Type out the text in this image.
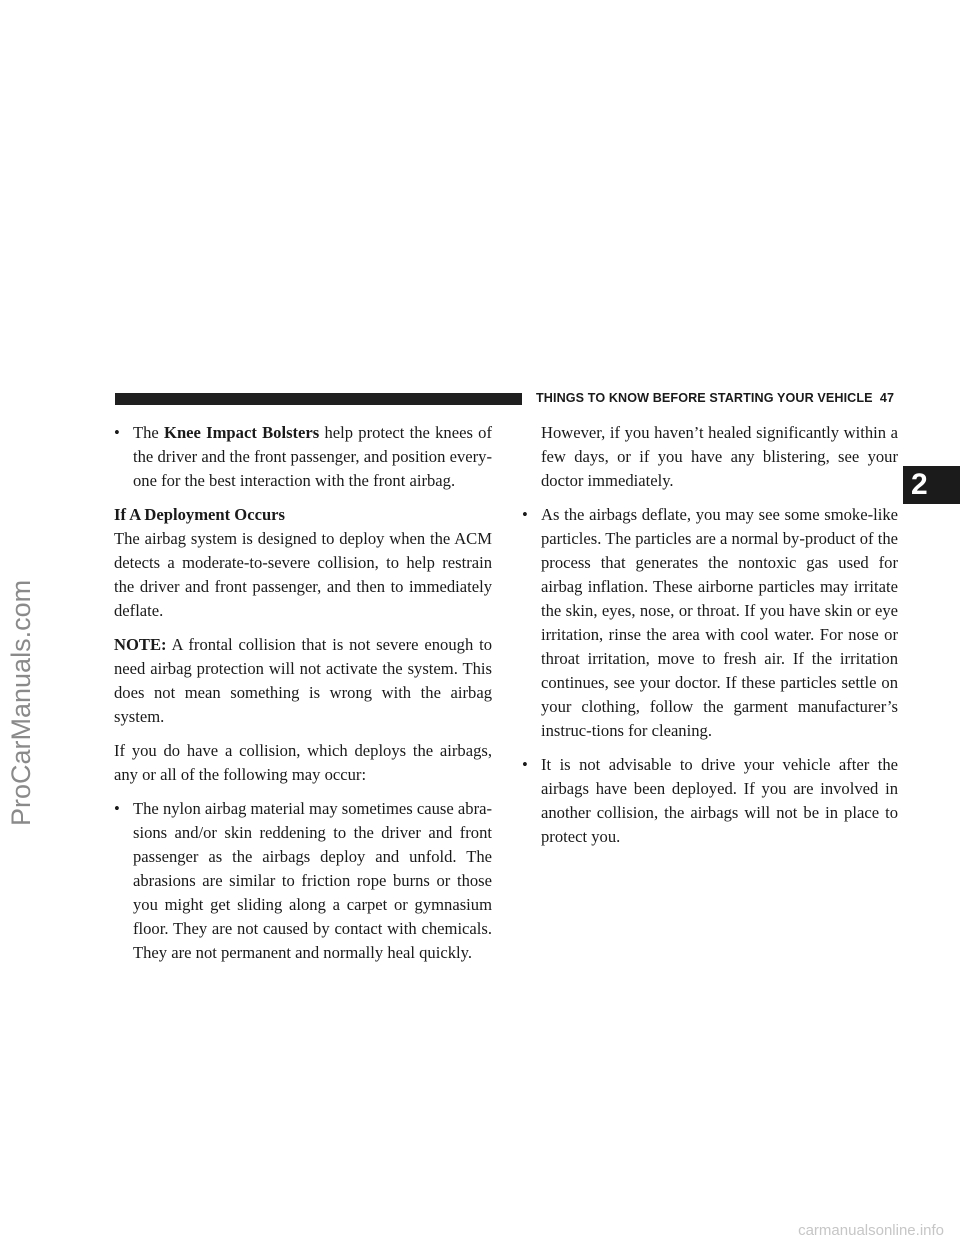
THINGS TO KNOW BEFORE STARTING YOUR VEHICLE 47
2
ProCarManuals.com
carmanualsonline.info
• The Knee Impact Bolsters help protect the knees of the driver and the front passenger, and position every-one for the best interaction with the front airbag.
If A Deployment Occurs
The airbag system is designed to deploy when the ACM detects a moderate-to-severe collision, to help restrain the driver and front passenger, and then to immediately deflate.
NOTE: A frontal collision that is not severe enough to need airbag protection will not activate the system. This does not mean something is wrong with the airbag system.
If you do have a collision, which deploys the airbags, any or all of the following may occur:
• The nylon airbag material may sometimes cause abra-sions and/or skin reddening to the driver and front passenger as the airbags deploy and unfold. The abrasions are similar to friction rope burns or those you might get sliding along a carpet or gymnasium floor. They are not caused by contact with chemicals. They are not permanent and normally heal quickly.
However, if you haven’t healed significantly within a few days, or if you have any blistering, see your doctor immediately.
• As the airbags deflate, you may see some smoke-like particles. The particles are a normal by-product of the process that generates the nontoxic gas used for airbag inflation. These airborne particles may irritate the skin, eyes, nose, or throat. If you have skin or eye irritation, rinse the area with cool water. For nose or throat irritation, move to fresh air. If the irritation continues, see your doctor. If these particles settle on your clothing, follow the garment manufacturer’s instruc-tions for cleaning.
• It is not advisable to drive your vehicle after the airbags have been deployed. If you are involved in another collision, the airbags will not be in place to protect you.
